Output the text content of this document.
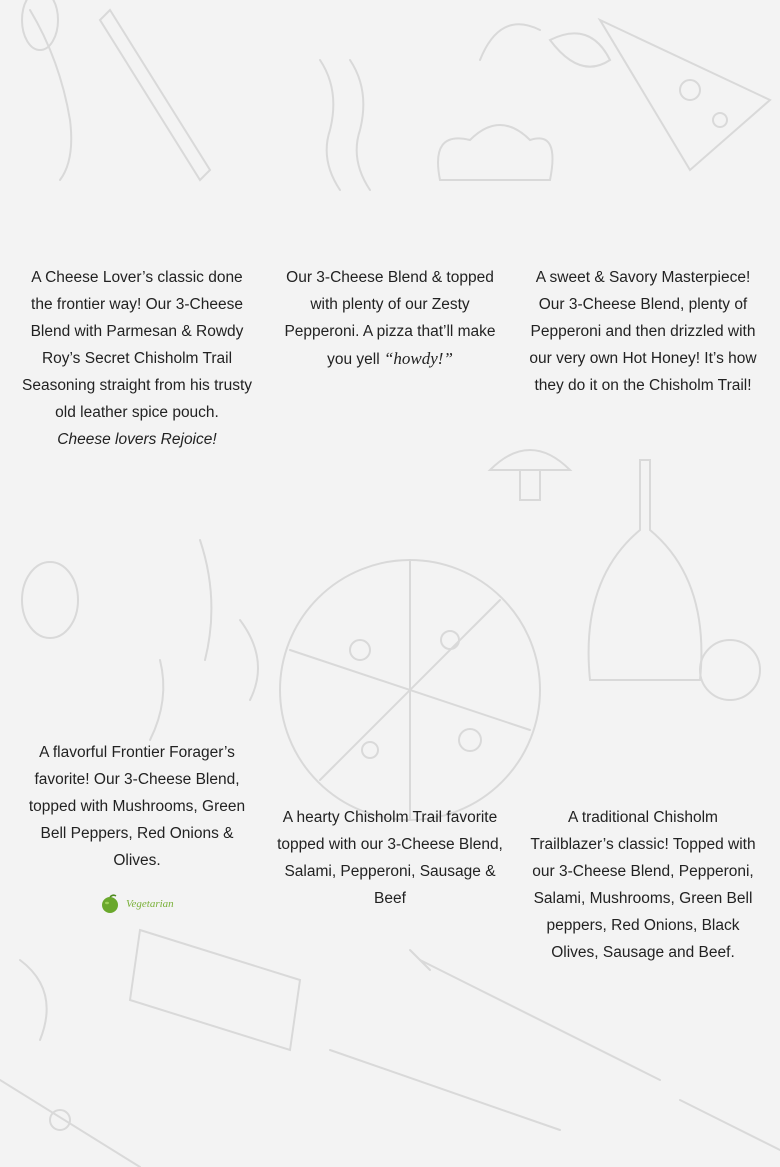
A Cheese Lover’s classic done the frontier way! Our 3-Cheese Blend with Parmesan & Rowdy Roy’s Secret Chisholm Trail Seasoning straight from his trusty old leather spice pouch.

Cheese lovers Rejoice!

Our 3-Cheese Blend & topped with plenty of our Zesty Pepperoni. A pizza that’ll make you yell “howdy!”

A sweet & Savory Masterpiece! Our 3-Cheese Blend, plenty of Pepperoni and then drizzled with our very own Hot Honey! It’s how they do it on the Chisholm Trail!

A flavorful Frontier Forager’s favorite! Our 3-Cheese Blend, topped with Mushrooms, Green Bell Peppers, Red Onions & Olives.

Vegetarian

A hearty Chisholm Trail favorite topped with our 3-Cheese Blend, Salami, Pepperoni, Sausage & Beef

A traditional Chisholm Trailblazer’s classic! Topped with our 3-Cheese Blend, Pepperoni, Salami, Mushrooms, Green Bell peppers, Red Onions, Black Olives, Sausage and Beef.
